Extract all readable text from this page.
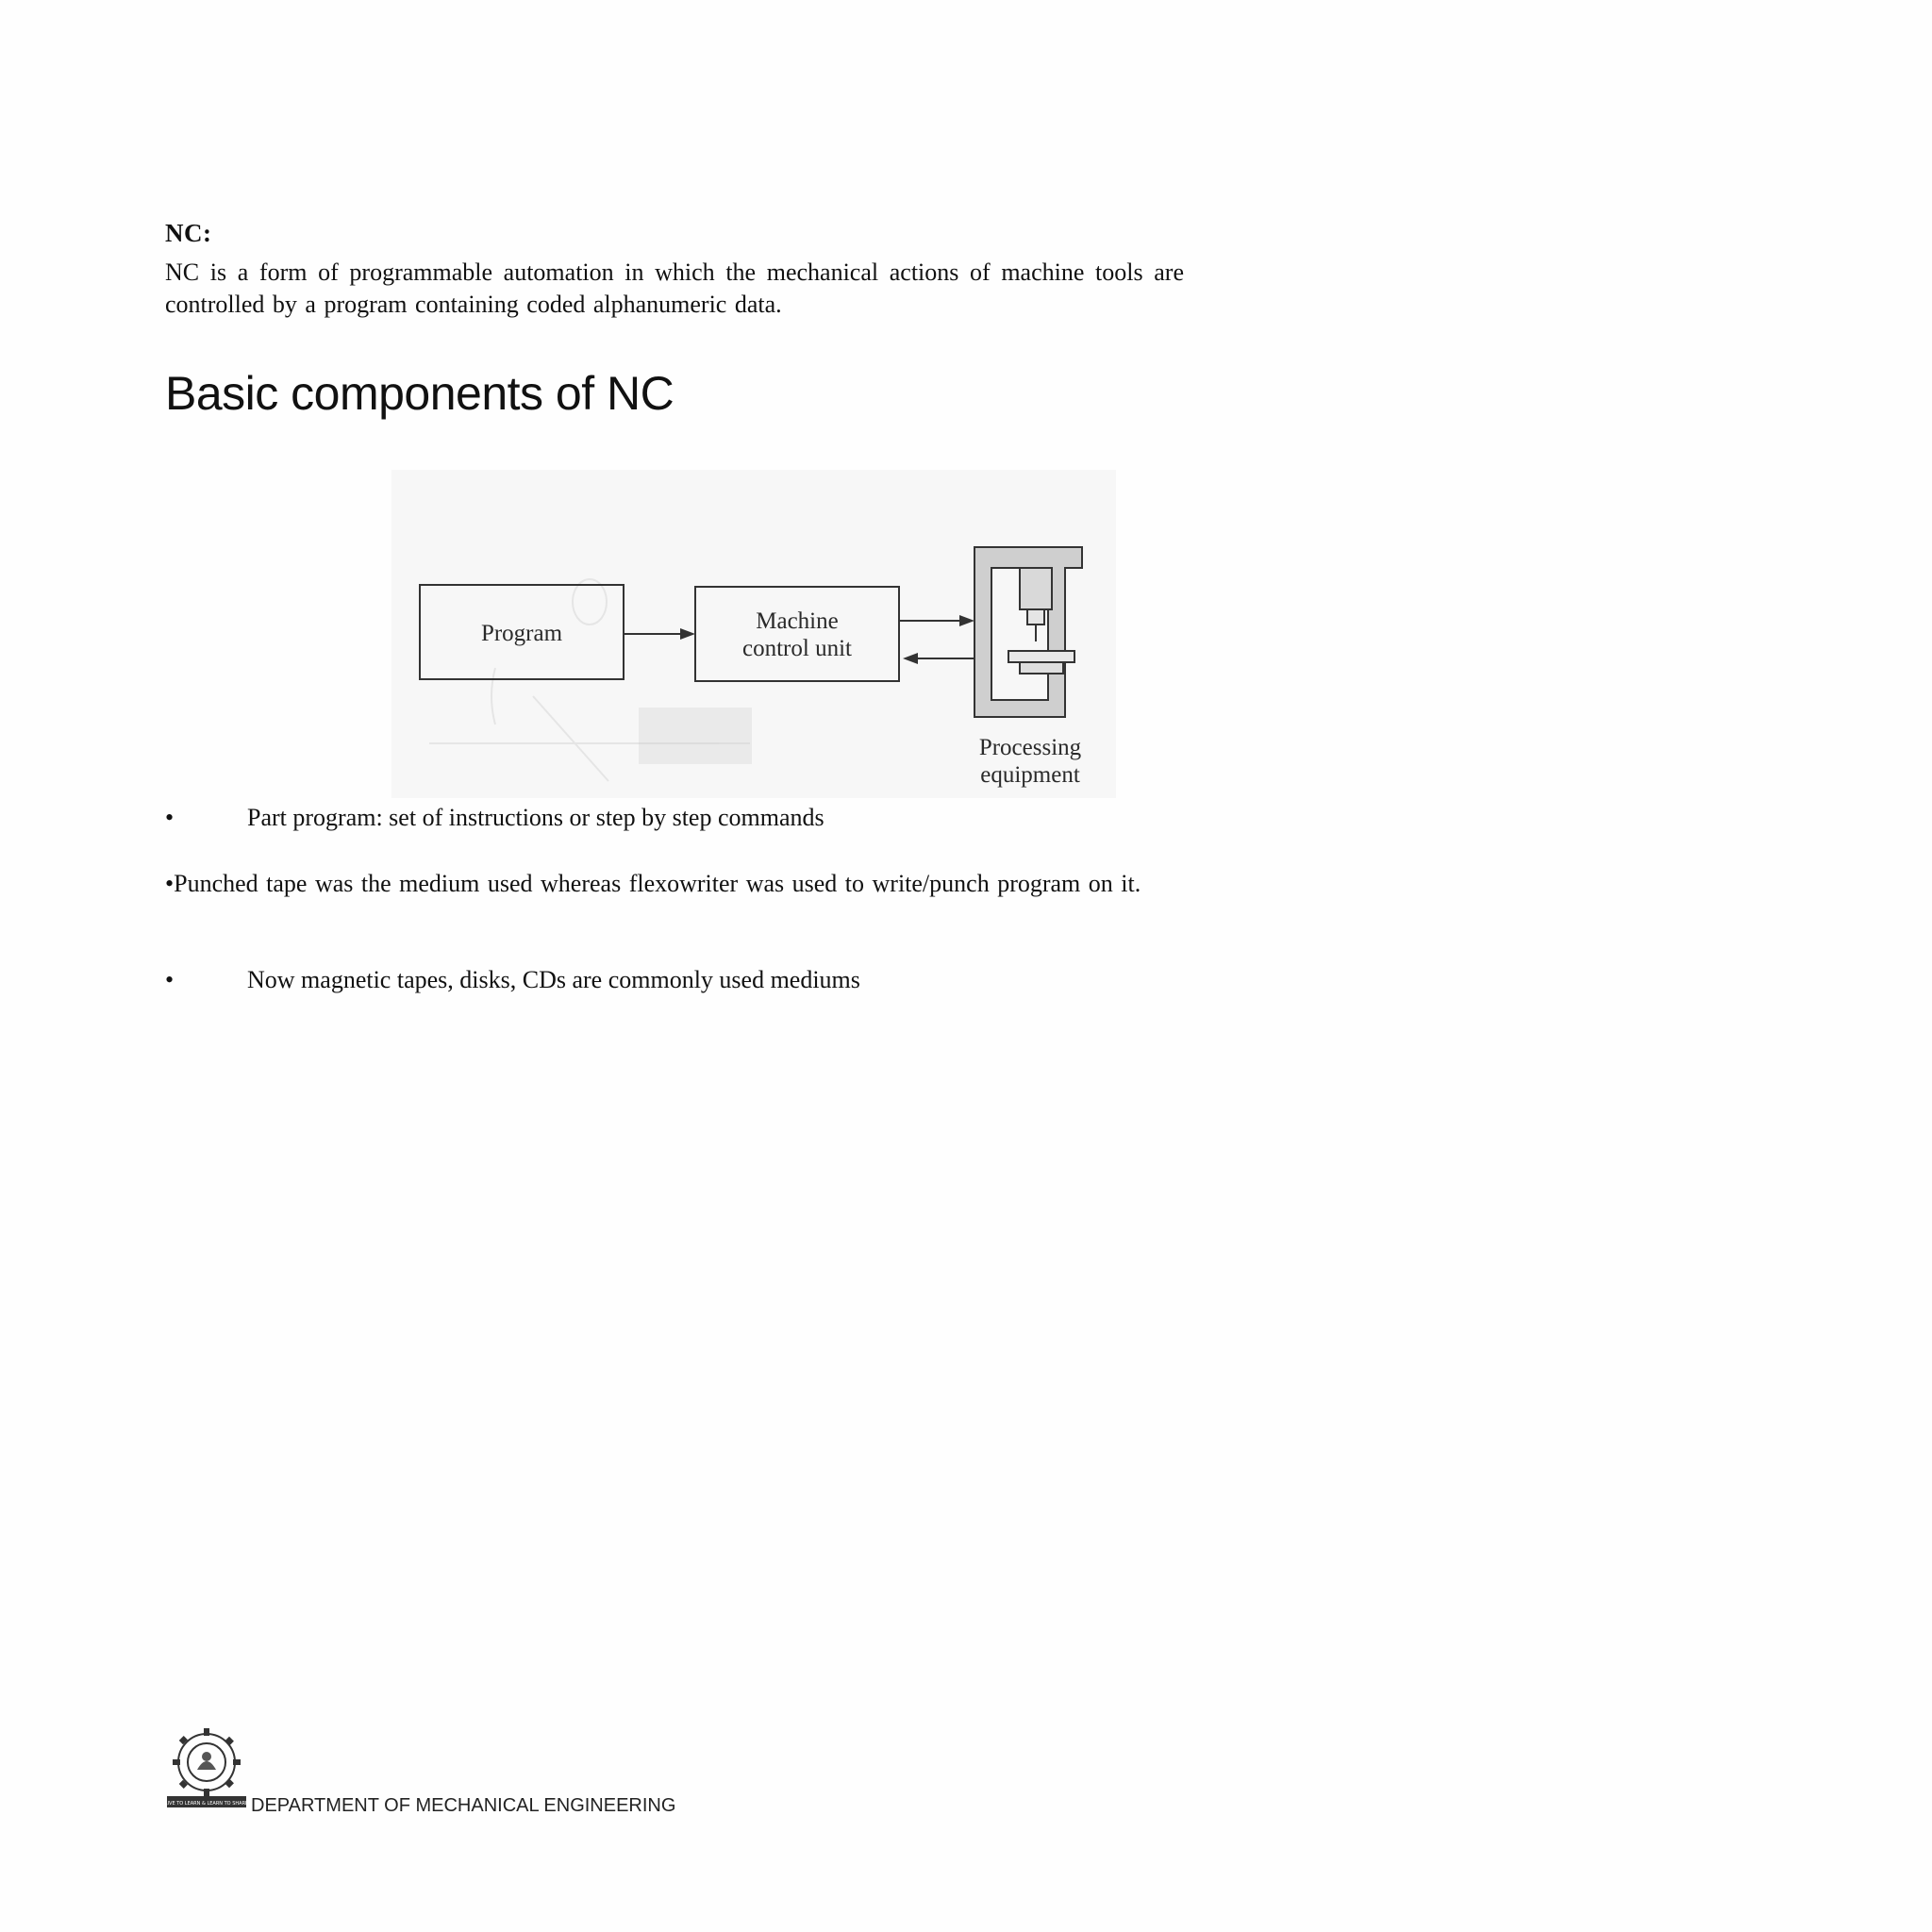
NC:
NC is a form of programmable automation in which the mechanical actions of machine tools are controlled by a program containing coded alphanumeric data.
Basic components of NC
Program	Machine
control unit
Processing
equipment
•	Part program: set of instructions or step by step commands
•Punched tape was the medium used whereas flexowriter was used to write/punch program on it.
•	Now magnetic tapes, disks, CDs are commonly used mediums
LIVE TO LEARN & LEARN TO SHARE DEPARTMENT OF MECHANICAL ENGINEERING
